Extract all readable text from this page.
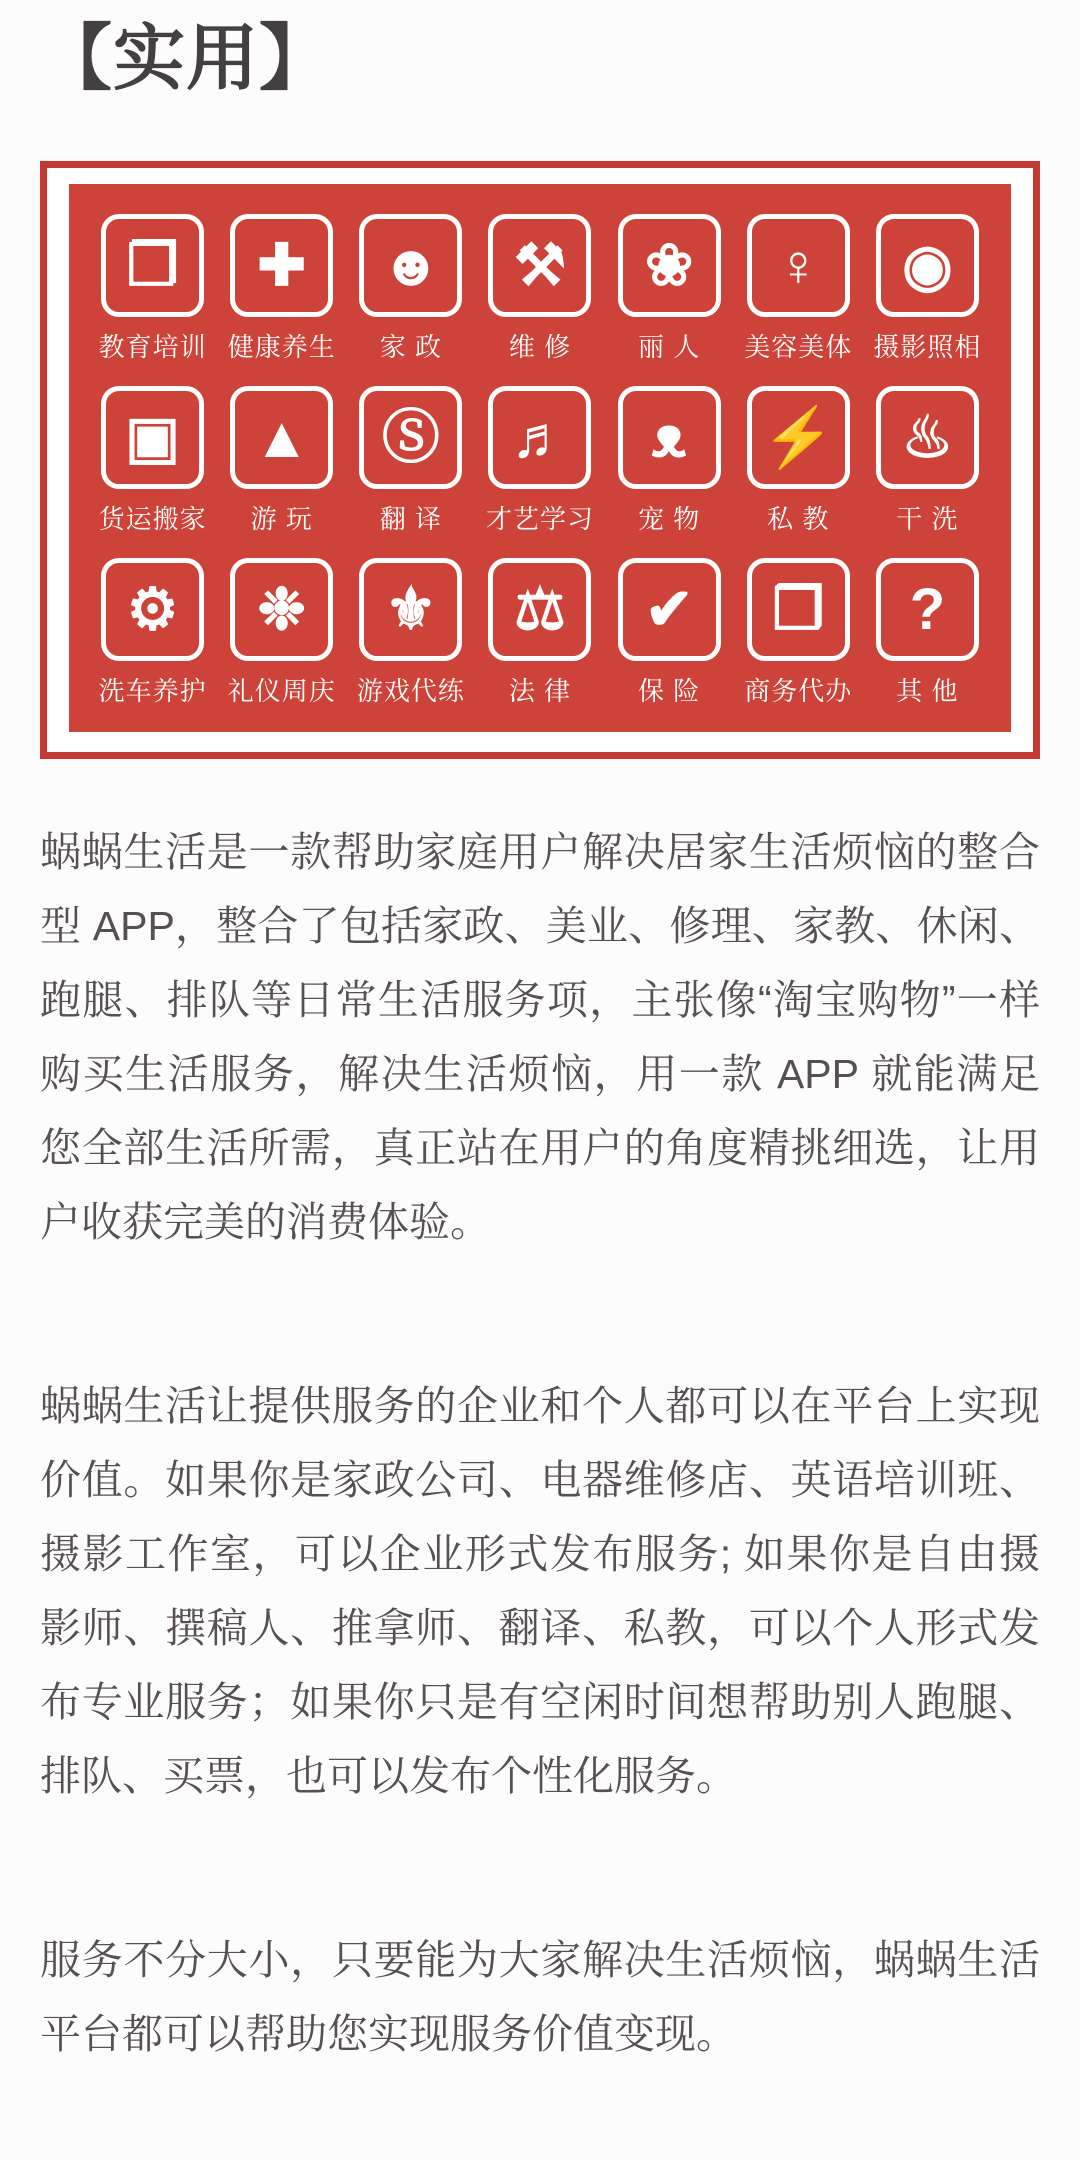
【实用】
❐
教育培训
✚
健康养生
☻
家 政
⚒
维 修
❀
丽 人
♀
美容美体
◉
摄影照相
▣
货运搬家
▲
游 玩
Ⓢ
翻 译
♬
才艺学习
ᴥ
宠 物
⚡
私 教
♨
干 洗
⚙
洗车养护
❉
礼仪周庆
⚜
游戏代练
⚖
法 律
✔
保 险
❒
商务代办
?
其 他

蜗蜗生活是一款帮助家庭用户解决居家生活烦恼的整合型 APP，整合了包括家政、美业、修理、家教、休闲、跑腿、排队等日常生活服务项，主张像“淘宝购物”一样购买生活服务，解决生活烦恼，用一款 APP 就能满足您全部生活所需，真正站在用户的角度精挑细选，让用户收获完美的消费体验。

蜗蜗生活让提供服务的企业和个人都可以在平台上实现价值。如果你是家政公司、电器维修店、英语培训班、摄影工作室，可以企业形式发布服务; 如果你是自由摄影师、撰稿人、推拿师、翻译、私教，可以个人形式发布专业服务；如果你只是有空闲时间想帮助别人跑腿、排队、买票，也可以发布个性化服务。

服务不分大小，只要能为大家解决生活烦恼，蜗蜗生活平台都可以帮助您实现服务价值变现。
